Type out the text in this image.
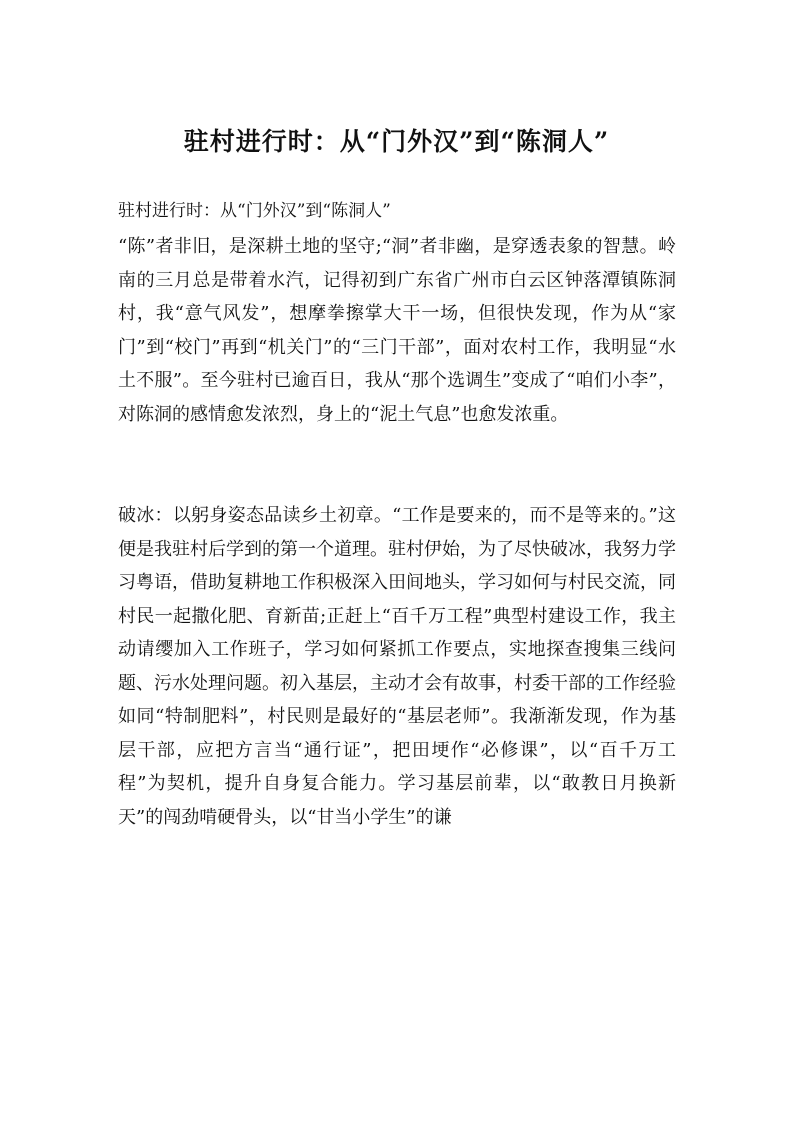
驻村进行时：从“门外汉”到“陈洞人”

驻村进行时：从“门外汉”到“陈洞人”

“陈”者非旧，是深耕土地的坚守;“洞”者非幽，是穿透表象的智慧。岭南的三月总是带着水汽，记得初到广东省广州市白云区钟落潭镇陈洞村，我“意气风发”，想摩拳擦掌大干一场，但很快发现，作为从“家门”到“校门”再到“机关门”的“三门干部”，面对农村工作，我明显“水土不服”。至今驻村已逾百日，我从“那个选调生”变成了“咱们小李”，对陈洞的感情愈发浓烈，身上的“泥土气息”也愈发浓重。

破冰：以躬身姿态品读乡土初章。“工作是要来的，而不是等来的。”这便是我驻村后学到的第一个道理。驻村伊始，为了尽快破冰，我努力学习粤语，借助复耕地工作积极深入田间地头，学习如何与村民交流，同村民一起撒化肥、育新苗;正赶上“百千万工程”典型村建设工作，我主动请缨加入工作班子，学习如何紧抓工作要点，实地探查搜集三线问题、污水处理问题。初入基层，主动才会有故事，村委干部的工作经验如同“特制肥料”，村民则是最好的“基层老师”。我渐渐发现，作为基层干部，应把方言当“通行证”，把田埂作“必修课”，以“百千万工程”为契机，提升自身复合能力。学习基层前辈，以“敢教日月换新天”的闯劲啃硬骨头，以“甘当小学生”的谦
